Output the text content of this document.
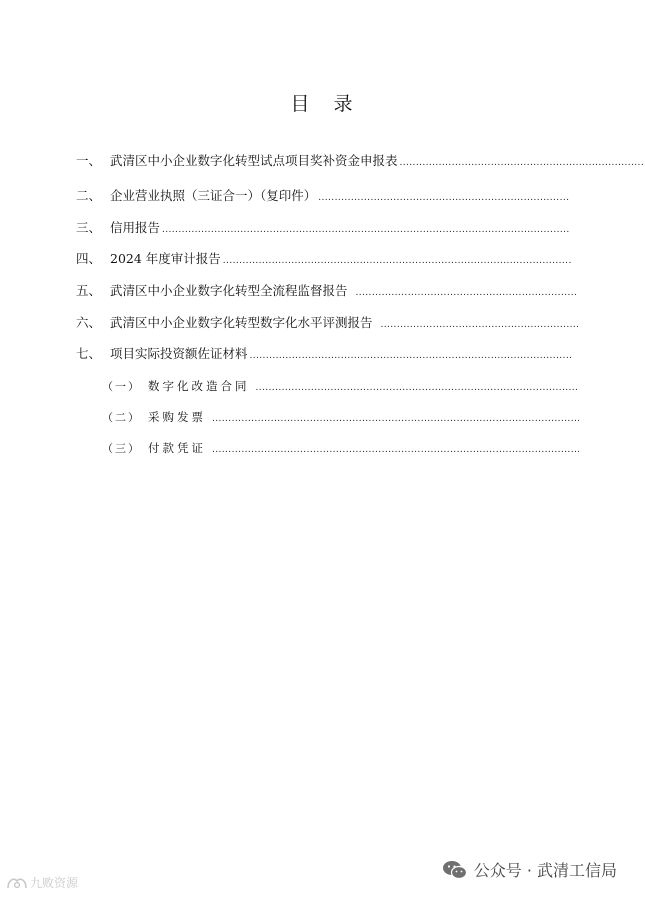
目 录
一、 武清区中小企业数字化转型试点项目奖补资金申报表
.....
二、 企业营业执照（三证合一）（复印件）
.....
三、 信用报告
.....
四、 2024 年度审计报告
.....
五、 武清区中小企业数字化转型全流程监督报告
.....
六、 武清区中小企业数字化转型数字化水平评测报告
.....
七、 项目实际投资额佐证材料
.....
（一） 数字化改造合同
.....
（二） 采购发票
.....
（三） 付款凭证
.....
公众号 · 武清工信局
九败资源
